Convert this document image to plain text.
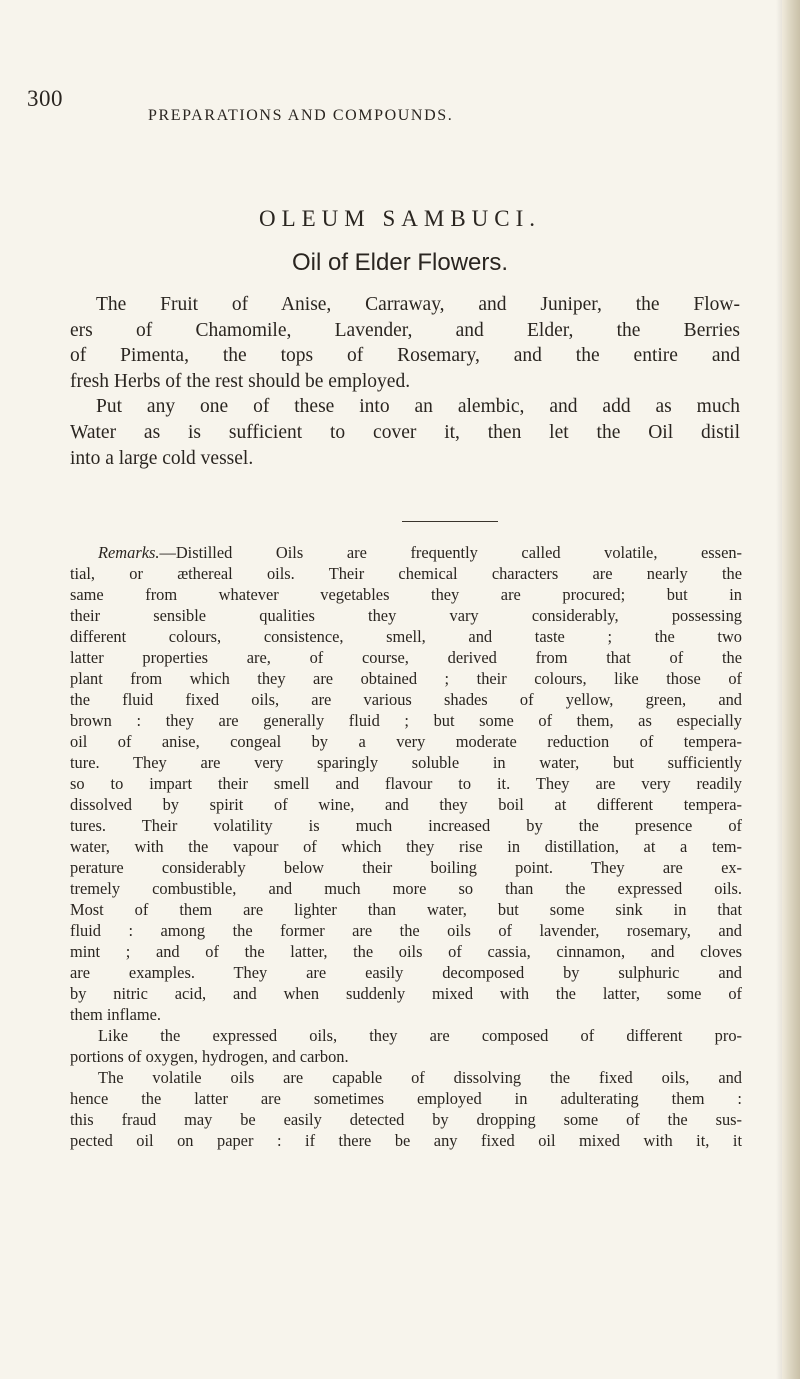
300
PREPARATIONS AND COMPOUNDS.
OLEUM SAMBUCI.
Oil of Elder Flowers.
The Fruit of Anise, Carraway, and Juniper, the Flow-
ers of Chamomile, Lavender, and Elder, the Berries
of Pimenta, the tops of Rosemary, and the entire and
fresh Herbs of the rest should be employed.
Put any one of these into an alembic, and add as much
Water as is sufficient to cover it, then let the Oil distil
into a large cold vessel.
Remarks.—Distilled Oils are frequently called volatile, essen-
tial, or æthereal oils. Their chemical characters are nearly the
same from whatever vegetables they are procured; but in
their sensible qualities they vary considerably, possessing
different colours, consistence, smell, and taste ; the two
latter properties are, of course, derived from that of the
plant from which they are obtained ; their colours, like those of
the fluid fixed oils, are various shades of yellow, green, and
brown : they are generally fluid ; but some of them, as especially
oil of anise, congeal by a very moderate reduction of tempera-
ture. They are very sparingly soluble in water, but sufficiently
so to impart their smell and flavour to it. They are very readily
dissolved by spirit of wine, and they boil at different tempera-
tures. Their volatility is much increased by the presence of
water, with the vapour of which they rise in distillation, at a tem-
perature considerably below their boiling point. They are ex-
tremely combustible, and much more so than the expressed oils.
Most of them are lighter than water, but some sink in that
fluid : among the former are the oils of lavender, rosemary, and
mint ; and of the latter, the oils of cassia, cinnamon, and cloves
are examples. They are easily decomposed by sulphuric and
by nitric acid, and when suddenly mixed with the latter, some of
them inflame.
Like the expressed oils, they are composed of different pro-
portions of oxygen, hydrogen, and carbon.
The volatile oils are capable of dissolving the fixed oils, and
hence the latter are sometimes employed in adulterating them :
this fraud may be easily detected by dropping some of the sus-
pected oil on paper : if there be any fixed oil mixed with it, it
